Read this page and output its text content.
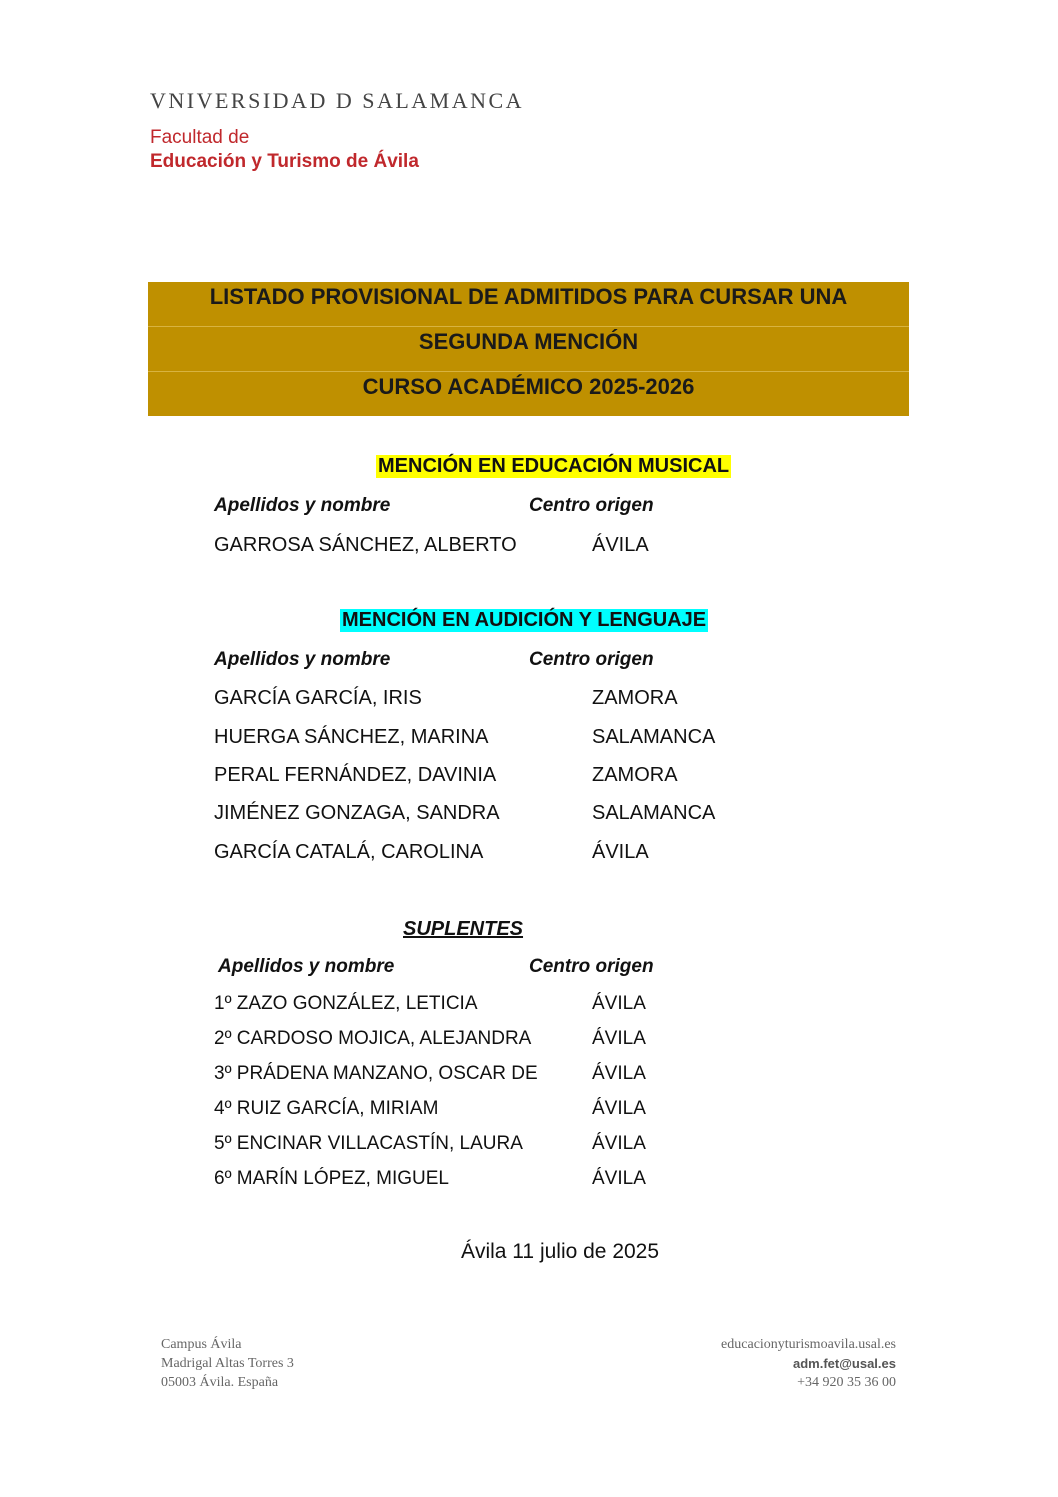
VNIVERSIDAD D SALAMANCA
Facultad de
Educación y Turismo de Ávila
LISTADO PROVISIONAL DE ADMITIDOS PARA CURSAR UNA
SEGUNDA MENCIÓN
CURSO ACADÉMICO 2025-2026
MENCIÓN EN EDUCACIÓN MUSICAL
Apellidos y nombre	Centro origen
GARROSA SÁNCHEZ, ALBERTO	ÁVILA
MENCIÓN EN AUDICIÓN Y LENGUAJE
Apellidos y nombre	Centro origen
GARCÍA GARCÍA, IRIS	ZAMORA
HUERGA SÁNCHEZ, MARINA	SALAMANCA
PERAL FERNÁNDEZ, DAVINIA	ZAMORA
JIMÉNEZ GONZAGA, SANDRA	SALAMANCA
GARCÍA CATALÁ, CAROLINA	ÁVILA
SUPLENTES
Apellidos y nombre	Centro origen
1º ZAZO GONZÁLEZ, LETICIA	ÁVILA
2º CARDOSO MOJICA, ALEJANDRA	ÁVILA
3º PRÁDENA MANZANO, OSCAR DE	ÁVILA
4º RUIZ GARCÍA, MIRIAM	ÁVILA
5º ENCINAR VILLACASTÍN, LAURA	ÁVILA
6º MARÍN LÓPEZ, MIGUEL	ÁVILA
Ávila 11 julio de 2025
Campus Ávila
Madrigal Altas Torres 3
05003 Ávila. España
educacionyturismoavila.usal.es
adm.fet@usal.es
+34 920 35 36 00
